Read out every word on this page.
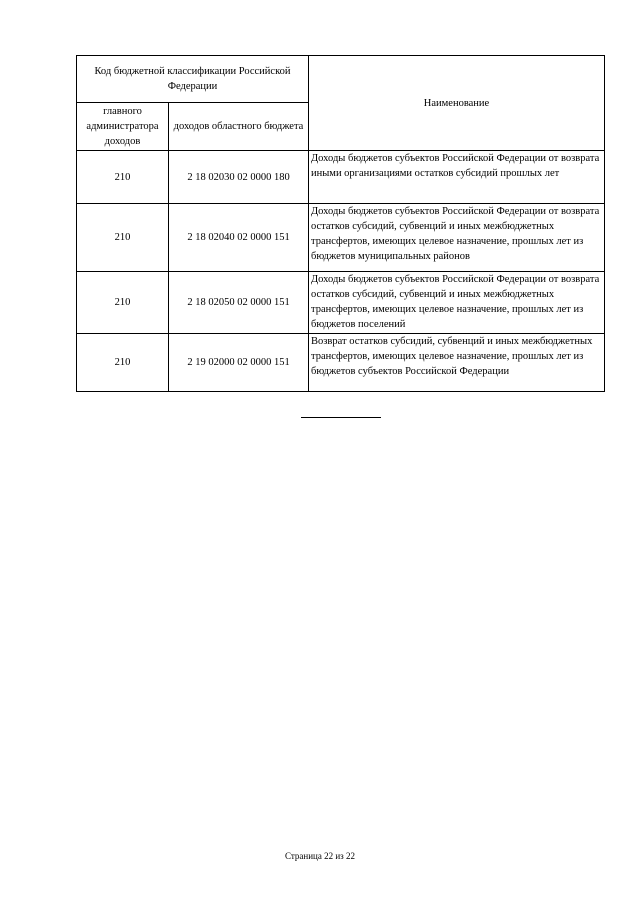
Код бюджетной классификации Российской Федерации		Наименование
главного администратора доходов	доходов областного бюджета	
210	2 18 02030 02 0000 180	Доходы бюджетов субъектов Российской Федерации от возврата иными организациями остатков субсидий прошлых лет
210	2 18 02040 02 0000 151	Доходы бюджетов субъектов Российской Федерации от возврата остатков субсидий, субвенций и иных межбюджетных трансфертов, имеющих целевое назначение, прошлых лет из бюджетов муниципальных районов
210	2 18 02050 02 0000 151	Доходы бюджетов субъектов Российской Федерации от возврата остатков субсидий, субвенций и иных межбюджетных трансфертов, имеющих целевое назначение, прошлых лет из бюджетов поселений
210	2 19 02000 02 0000 151	Возврат остатков субсидий, субвенций и иных межбюджетных трансфертов, имеющих целевое назначение, прошлых лет из бюджетов субъектов Российской Федерации
Страница 22 из 22
